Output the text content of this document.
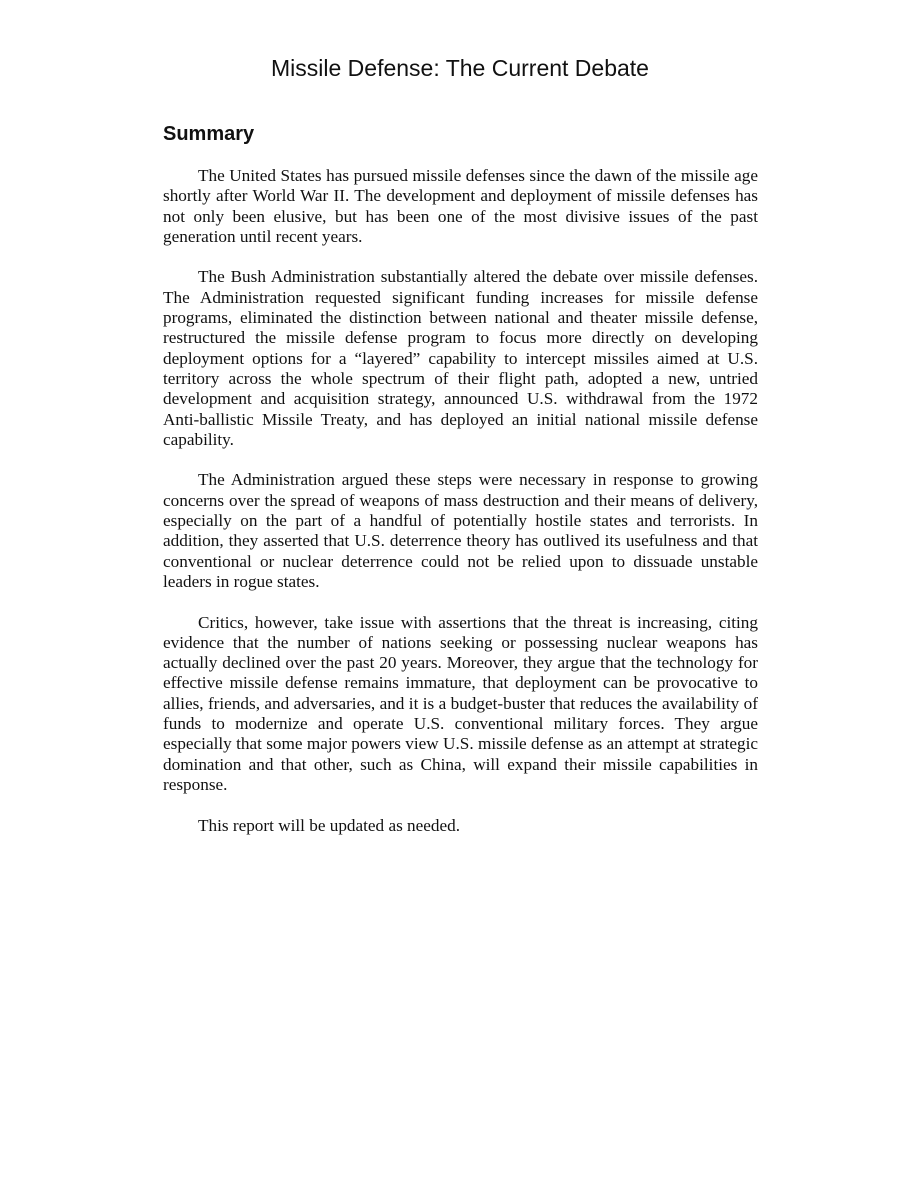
Missile Defense: The Current Debate
Summary

The United States has pursued missile defenses since the dawn of the missile age shortly after World War II. The development and deployment of missile defenses has not only been elusive, but has been one of the most divisive issues of the past generation until recent years.

The Bush Administration substantially altered the debate over missile defenses. The Administration requested significant funding increases for missile defense programs, eliminated the distinction between national and theater missile defense, restructured the missile defense program to focus more directly on developing deployment options for a “layered” capability to intercept missiles aimed at U.S. territory across the whole spectrum of their flight path, adopted a new, untried development and acquisition strategy, announced U.S. withdrawal from the 1972 Anti-ballistic Missile Treaty, and has deployed an initial national missile defense capability.

The Administration argued these steps were necessary in response to growing concerns over the spread of weapons of mass destruction and their means of delivery, especially on the part of a handful of potentially hostile states and terrorists. In addition, they asserted that U.S. deterrence theory has outlived its usefulness and that conventional or nuclear deterrence could not be relied upon to dissuade unstable leaders in rogue states.

Critics, however, take issue with assertions that the threat is increasing, citing evidence that the number of nations seeking or possessing nuclear weapons has actually declined over the past 20 years. Moreover, they argue that the technology for effective missile defense remains immature, that deployment can be provocative to allies, friends, and adversaries, and it is a budget-buster that reduces the availability of funds to modernize and operate U.S. conventional military forces. They argue especially that some major powers view U.S. missile defense as an attempt at strategic domination and that other, such as China, will expand their missile capabilities in response.

This report will be updated as needed.
